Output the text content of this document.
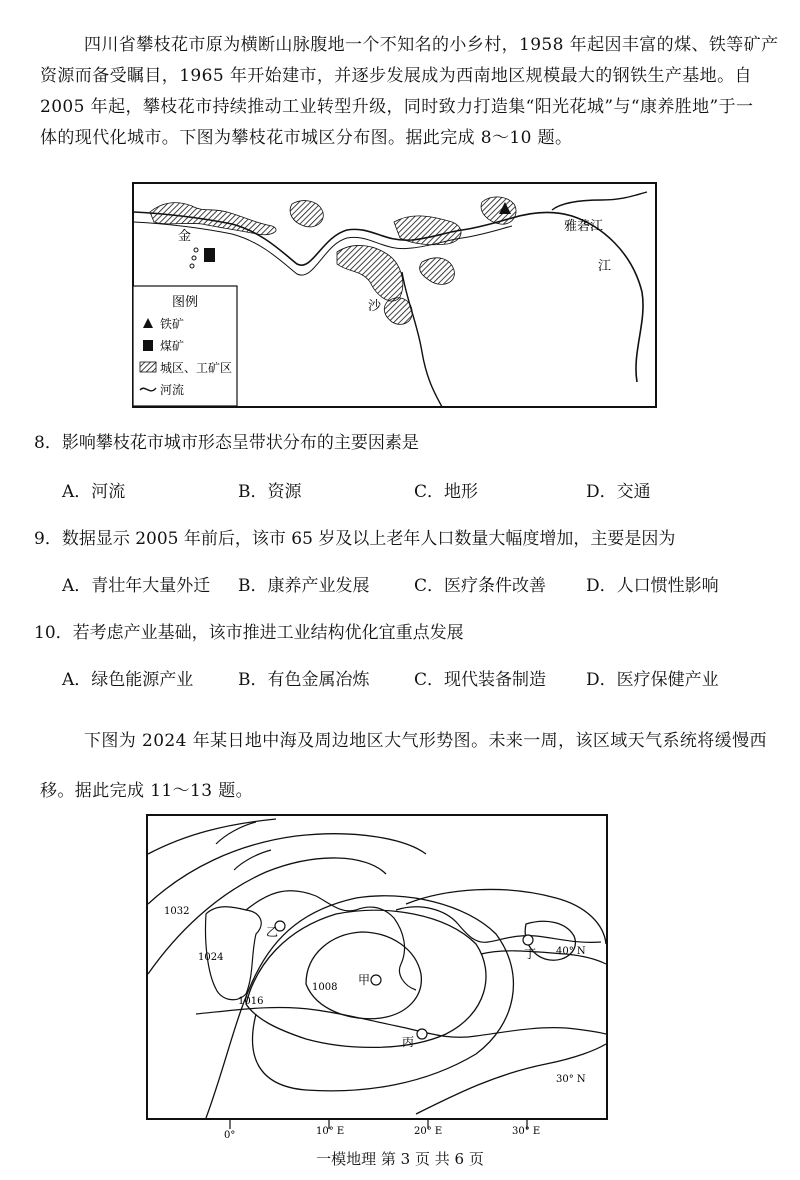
四川省攀枝花市原为横断山脉腹地一个不知名的小乡村，1958 年起因丰富的煤、铁等矿产
资源而备受瞩目，1965 年开始建市，并逐步发展成为西南地区规模最大的钢铁生产基地。自
2005 年起，攀枝花市持续推动工业转型升级，同时致力打造集“阳光花城”与“康养胜地”于一
体的现代化城市。下图为攀枝花市城区分布图。据此完成 8～10 题。
金
沙
江
雅砻江
图例
铁矿
煤矿
城区、工矿区
河流
8．影响攀枝花市城市形态呈带状分布的主要因素是
A．河流	B．资源	C．地形	D．交通
9．数据显示 2005 年前后，该市 65 岁及以上老年人口数量大幅度增加，主要是因为
A．青壮年大量外迁 B．康养产业发展	C．医疗条件改善 D．人口惯性影响
10．若考虑产业基础，该市推进工业结构优化宜重点发展
A．绿色能源产业	B．有色金属冶炼	C．现代装备制造 D．医疗保健产业
下图为 2024 年某日地中海及周边地区大气形势图。未来一周，该区域天气系统将缓慢西
移。据此完成 11～13 题。
1032
1024
1016
1008
乙
甲
丙
丁 40° N
30° N
0°	10° E	20° E	30° E
一模地理 第 3 页 共 6 页
